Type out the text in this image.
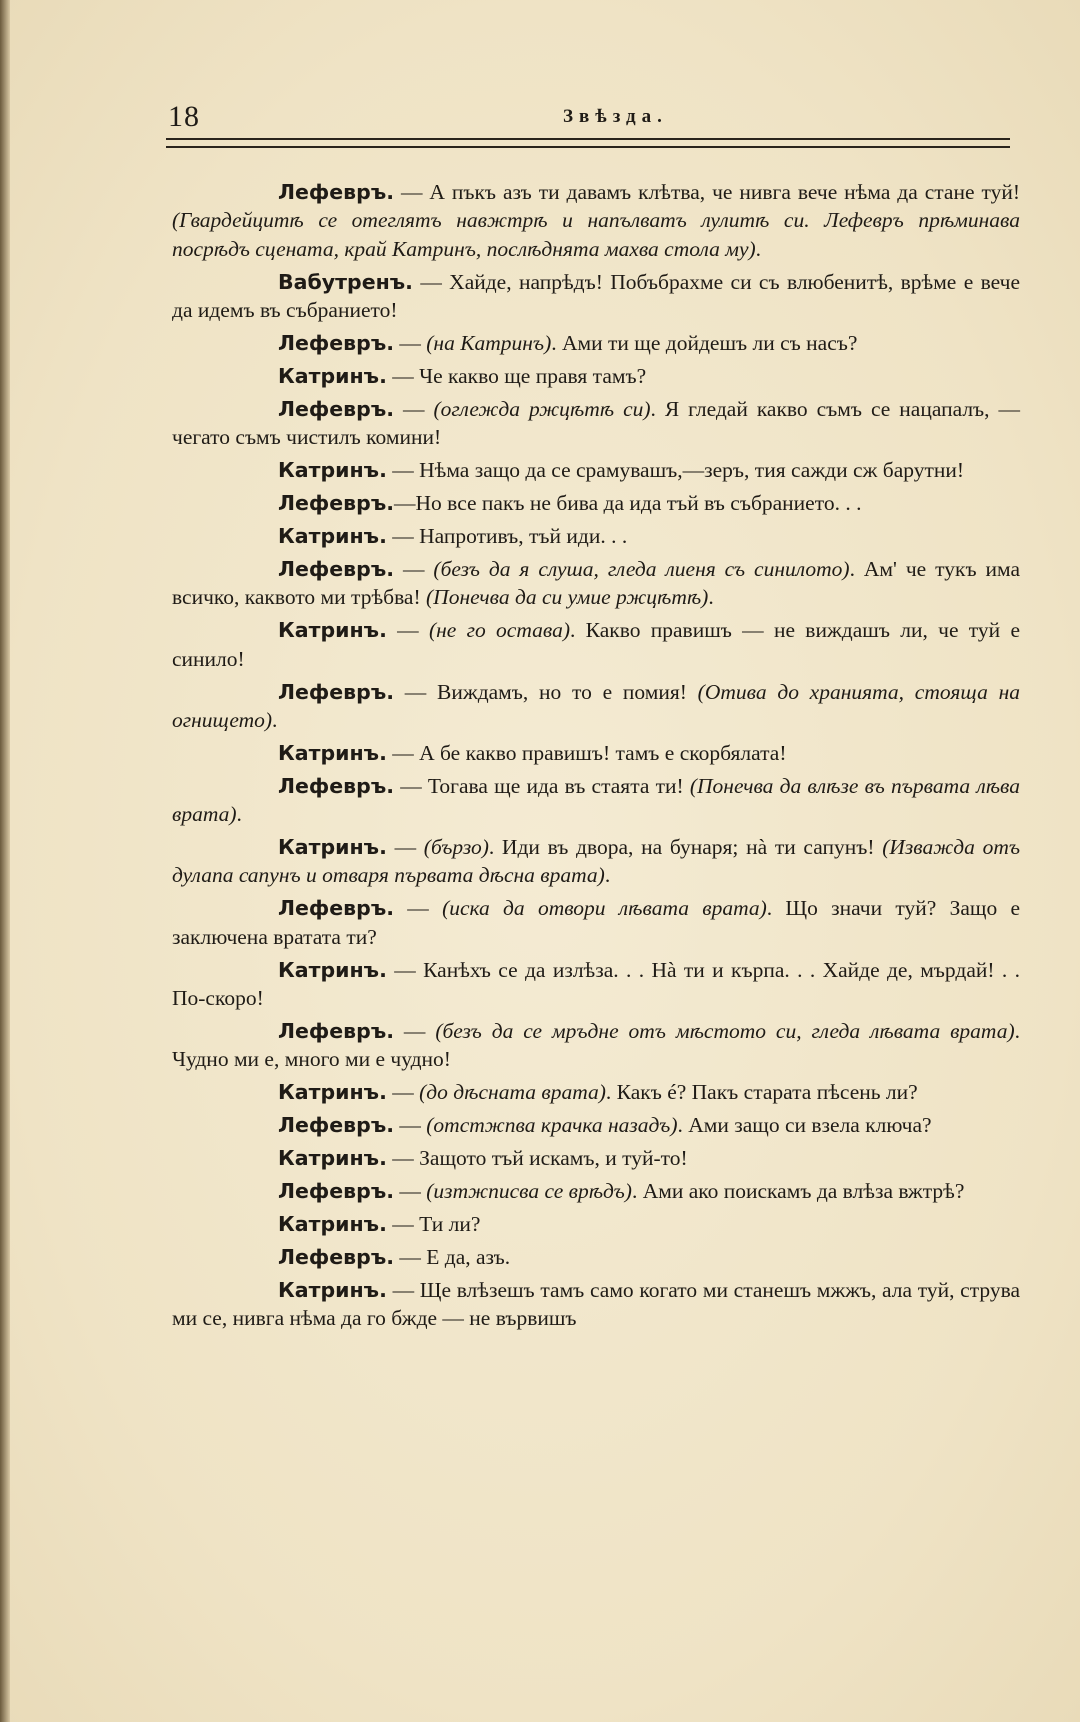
18	Звѣзда.

Лефевръ. — А пъкъ азъ ти давамъ клѣтва, че нивга вече нѣма да стане туй! (Гвардейцитѣ се отеглятъ навжтрѣ и напълватъ лулитѣ си. Лефевръ прѣминава посрѣдъ сцената, край Катринъ, послѣднята махва стола му).

Вабутренъ. — Хайде, напрѣдъ! Побъбрахме си съ влюбенитѣ, врѣме е вече да идемъ въ събранието!

Лефевръ. — (на Катринъ). Ами ти ще дойдешъ ли съ насъ?

Катринъ. — Че какво ще правя тамъ?

Лефевръ. — (оглежда ржцѣтѣ си). Я гледай какво съмъ се нацапалъ, — чегато съмъ чистилъ комини!

Катринъ. — Нѣма защо да се срамувашъ,—зеръ, тия сажди сж барутни!

Лефевръ.—Но все пакъ не бива да ида тъй въ събранието. . .

Катринъ. — Напротивъ, тъй иди. . .

Лефевръ. — (безъ да я слуша, гледа лиеня съ синилото). Ам' че тукъ има всичко, каквото ми трѣбва! (Понечва да си умие ржцѣтѣ).

Катринъ. — (не го остава). Какво правишъ — не виждашъ ли, че туй е синило!

Лефевръ. — Виждамъ, но то е помия! (Отива до хранията, стояща на огнището).

Катринъ. — А бе какво правишъ! тамъ е скорбялата!

Лефевръ. — Тогава ще ида въ стаята ти! (Понечва да влѣзе въ първата лѣва врата).

Катринъ. — (бързо). Иди въ двора, на бунаря; нà ти сапунъ! (Изважда отъ дулапа сапунъ и отваря първата дѣсна врата).

Лефевръ. — (иска да отвори лѣвата врата). Що значи туй? Защо е заключена вратата ти?

Катринъ. — Канѣхъ се да излѣза. . . Нà ти и кърпа. . . Хайде де, мърдай! . . По-скоро!

Лефевръ. — (безъ да се мръдне отъ мѣстото си, гледа лѣвата врата). Чудно ми е, много ми е чудно!

Катринъ. — (до дѣсната врата). Какъ é? Пакъ старата пѣсень ли?

Лефевръ. — (отстжпва крачка назадъ). Ами защо си взела ключа?

Катринъ. — Защото тъй искамъ, и туй-то!

Лефевръ. — (изтжписва се врѣдъ). Ами ако поискамъ да влѣза вжтрѣ?

Катринъ. — Ти ли?

Лефевръ. — Е да, азъ.

Катринъ. — Ще влѣзешъ тамъ само когато ми станешъ мжжъ, ала туй, струва ми се, нивга нѣма да го бжде — не вървишъ
